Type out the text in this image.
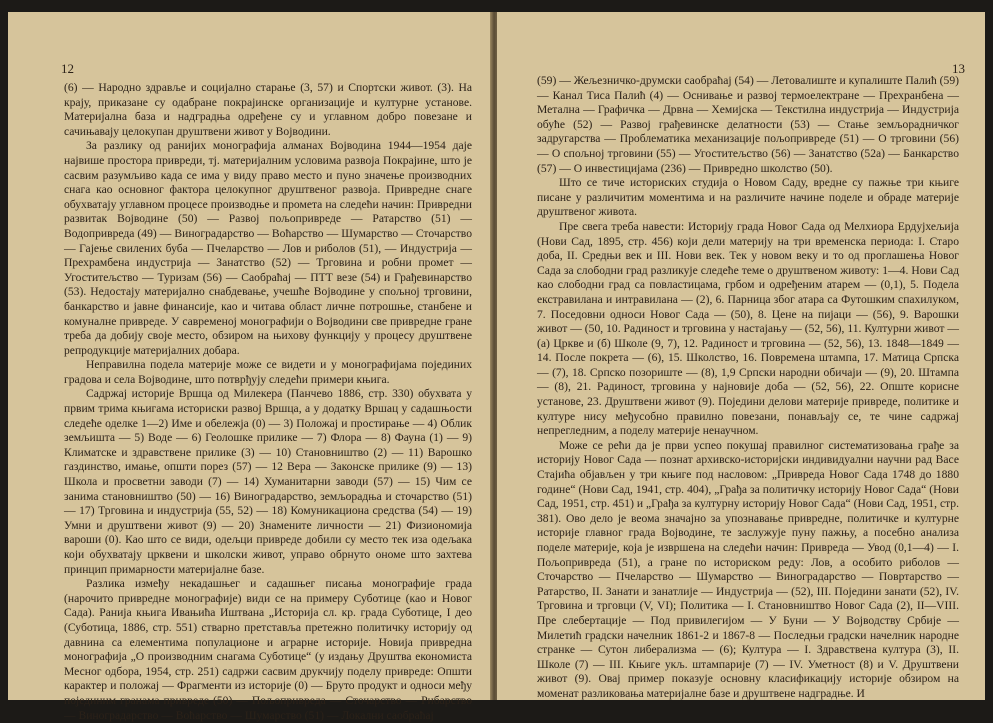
12

(6) — Народно здравље и социјално старање (3, 57) и Спортски живот. (3). На крају, приказане су одабране покрајинске организације и културне установе. Материјална база и надградња одређене су и углавном добро повезане и сачињавају целокупан друштвени живот у Војводини.

За разлику од ранијих монографија алманах Војводина 1944—1954 даје највише простора привреди, тј. материјалним условима развоја Покрајине, што је сасвим разумљиво када се има у виду право место и пуно значење производних снага као основног фактора целокупног друштвеног развоја. Привредне снаге обухватају углавном процесе производње и промета на следећи начин: Привредни развитак Војводине (50) — Развој пољопривреде — Ратарство (51) — Водопривреда (49) — Виноградарство — Воћарство — Шумарство — Сточарство — Гајење свилених буба — Пчеларство — Лов и риболов (51), — Индустрија — Прехрамбена индустрија — Занатство (52) — Трговина и робни промет — Угоститељство — Туризам (56) — Саобраћај — ПТТ везе (54) и Грађевинарство (53). Недостају материјално снабдевање, учешће Војводине у спољној трговини, банкарство и јавне финансије, као и читава област личне потрошње, станбене и комуналне привреде. У савременој монографији о Војводини све привредне гране треба да добију своје место, обзиром на њихову функцију у процесу друштвене репродукције материјалних добара.

Неправилна подела материје може се видети и у монографијама појединих градова и села Војводине, што потврђују следећи примери књига.

Садржај историје Вршца од Милекера (Панчево 1886, стр. 330) обухвата у првим трима књигама историски развој Вршца, а у додатку Вршац у садашњости следеће оделке 1—2) Име и обележја (0) — 3) Положај и простирање — 4) Облик земљишта — 5) Воде — 6) Геолошке прилике — 7) Флора — 8) Фауна (1) — 9) Климатске и здравствене прилике (3) — 10) Становништво (2) — 11) Варошко газдинство, имање, општи порез (57) — 12 Вера — Законске прилике (9) — 13) Школа и просветни заводи (7) — 14) Хуманитарни заводи (57) — 15) Чим се занима становништво (50) — 16) Виноградарство, земљорадња и сточарство (51) — 17) Трговина и индустрија (55, 52) — 18) Комуникациона средства (54) — 19) Умни и друштвени живот (9) — 20) Знамените личности — 21) Физиономија вароши (0). Као што се види, одељци привреде добили су место тек иза одељака који обухватају црквени и школски живот, управо обрнуто ономе што захтева принцип примарности материјалне базе.

Разлика између некадашњег и садашњег писања монографије града (нарочито привредне монографије) види се на примеру Суботице (као и Новог Сада). Ранија књига Ивањића Иштвана „Историја сл. кр. града Суботице, I део (Суботица, 1886, стр. 551) стварно претставља претежно политичку историју од давнина са елементима популационе и аграрне историје. Новија привредна монографија „О производним снагама Суботице“ (у издању Друштва економиста Месног одбора, 1954, стр. 251) садржи сасвим друкчију поделу привреде: Општи карактер и положај — Фрагменти из историје (0) — Бруто продукт и односи међу појединим гранама привреде (50) — Пољопривреда — Сточарство — Рибарство — Виноградарство — Воћарство — Шумарство (51) — Локални саобраћај

13

(59) — Жељезничко-друмски саобраћај (54) — Летовалиште и купалиште Палић (59) — Канал Тиса Палић (4) — Оснивање и развој термоелектране — Прехранбена — Метална — Графичка — Дрвна — Хемијска — Текстилна индустрија — Индустрија обуће (52) — Развој грађевинске делатности (53) — Стање земљорадничког задругарства — Проблематика механизације пољопривреде (51) — О трговини (56) — О спољној трговини (55) — Угоститељство (56) — Занатство (52а) — Банкарство (57) — О инвестицијама (236) — Привредно школство (50).

Што се тиче историских студија о Новом Саду, вредне су пажње три књиге писане у различитим моментима и на различите начине поделе и обраде материје друштвеног живота.

Пре свега треба навести: Историју града Новог Сада од Мелхиора Ердујхељија (Нови Сад, 1895, стр. 456) који дели материју на три временска периода: I. Старо доба, II. Средњи век и III. Нови век. Тек у новом веку и то од проглашења Новог Сада за слободни град разликује следеће теме о друштвеном животу: 1—4. Нови Сад као слободни град са повластицама, грбом и одређеним атарем — (0,1), 5. Подела екстравилана и интравилана — (2), 6. Парница због атара са Футошким спахилуком, 7. Поседовни односи Новог Сада — (50), 8. Цене на пијаци — (56), 9. Варошки живот — (50, 10. Радиност и трговина у настајању — (52, 56), 11. Културни живот — (а) Цркве и (б) Школе (9, 7), 12. Радиност и трговина — (52, 56), 13. 1848—1849 — 14. После покрета — (6), 15. Школство, 16. Повремена штампа, 17. Матица Српска — (7), 18. Српско позориште — (8), 1,9 Српски народни обичаји — (9), 20. Штампа — (8), 21. Радиност, трговина у најновије доба — (52, 56), 22. Опште корисне установе, 23. Друштвени живот (9). Поједини делови материје привреде, политике и културе нису међусобно правилно повезани, понављају се, те чине садржај непрегледним, а поделу материје ненаучном.

Може се рећи да је први успео покушај правилног систематизовања грађе за историју Новог Сада — познат архивско-историјски индивидуални научни рад Васе Стајића објављен у три књиге под насловом: „Привреда Новог Сада 1748 до 1880 године“ (Нови Сад, 1941, стр. 404), „Грађа за политичку историју Новог Сада“ (Нови Сад, 1951, стр. 451) и „Грађа за културну историју Новог Сада“ (Нови Сад, 1951, стр. 381). Ово дело је веома значајно за упознавање привредне, политичке и културне историје главног града Војводине, те заслужује пуну пажњу, а посебно анализа поделе материје, која је извршена на следећи начин: Привреда — Увод (0,1—4) — I. Пољопривреда (51), а гране по историском реду: Лов, а особито риболов — Сточарство — Пчеларство — Шумарство — Виноградарство — Повртарство — Ратарство, II. Занати и занатлије — Индустрија — (52), III. Поједини занати (52), IV. Трговина и трговци (V, VI); Политика — I. Становништво Новог Сада (2), II—VIII. Пре слебертације — Под привилегијом — У Буни — У Војводству Србије — Милетић градски начелник 1861-2 и 1867-8 — Последњи градски начелник народне странке — Сутон либерализма — (6); Култура — I. Здравствена култура (3), II. Школе (7) — III. Књиге укљ. штампарије (7) — IV. Уметност (8) и V. Друштвени живот (9). Овај пример показује основну класификацију историје обзиром на моменат разликовања материјалне базе и друштвене надградње. И
